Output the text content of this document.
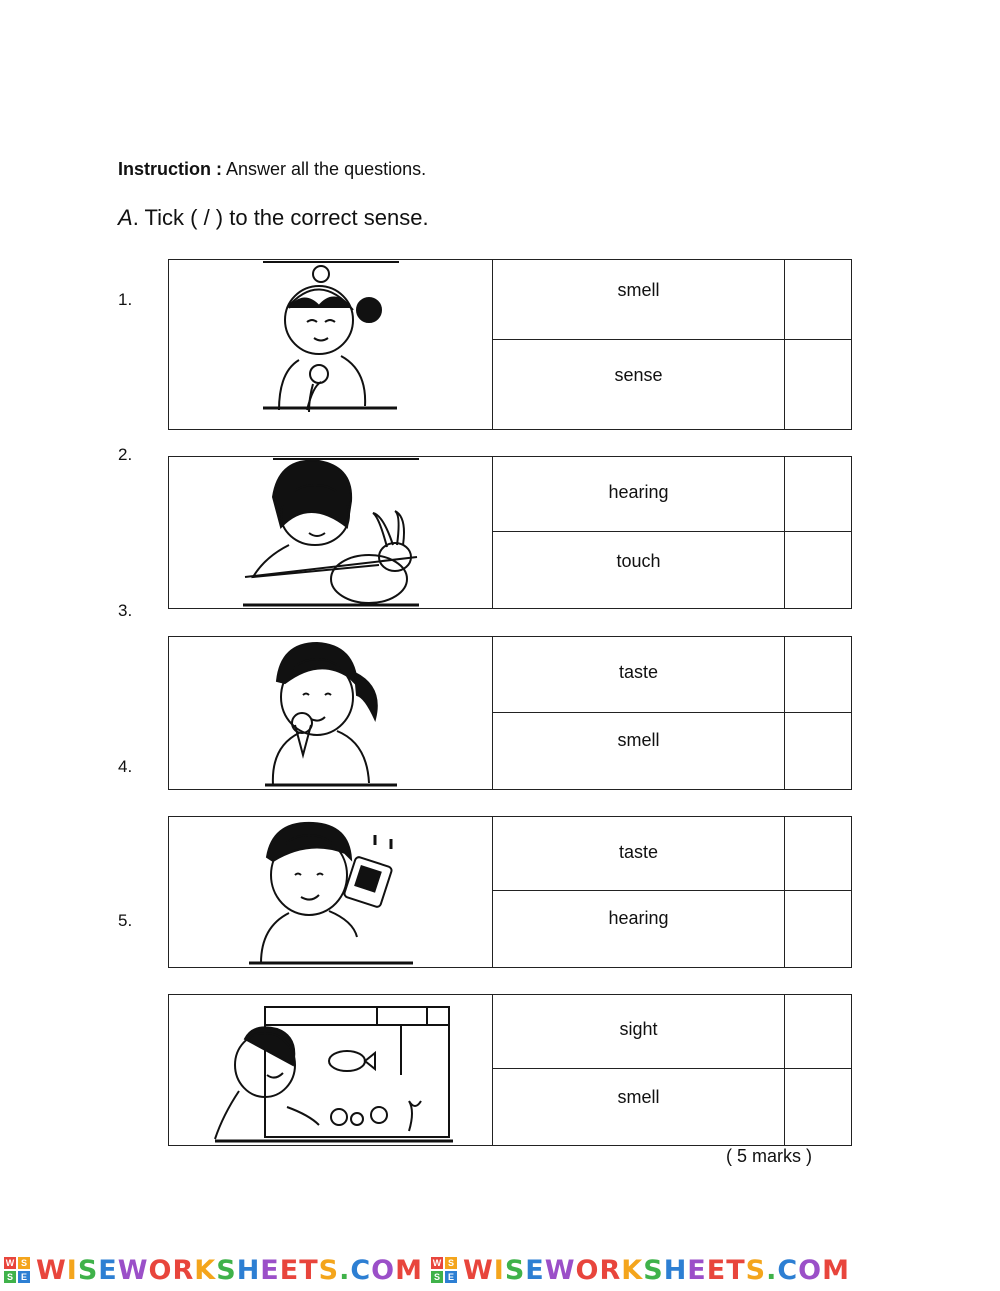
Instruction : Answer all the questions.
A. Tick ( / ) to the correct sense.
1.
2.
3.
4.
5.
smell
sense
hearing
touch
taste
smell
taste
hearing
sight
smell
( 5 marks )
W S
S E WISEWORKSHEETS.COM W S
S E WISEWORKSHEETS.COM
